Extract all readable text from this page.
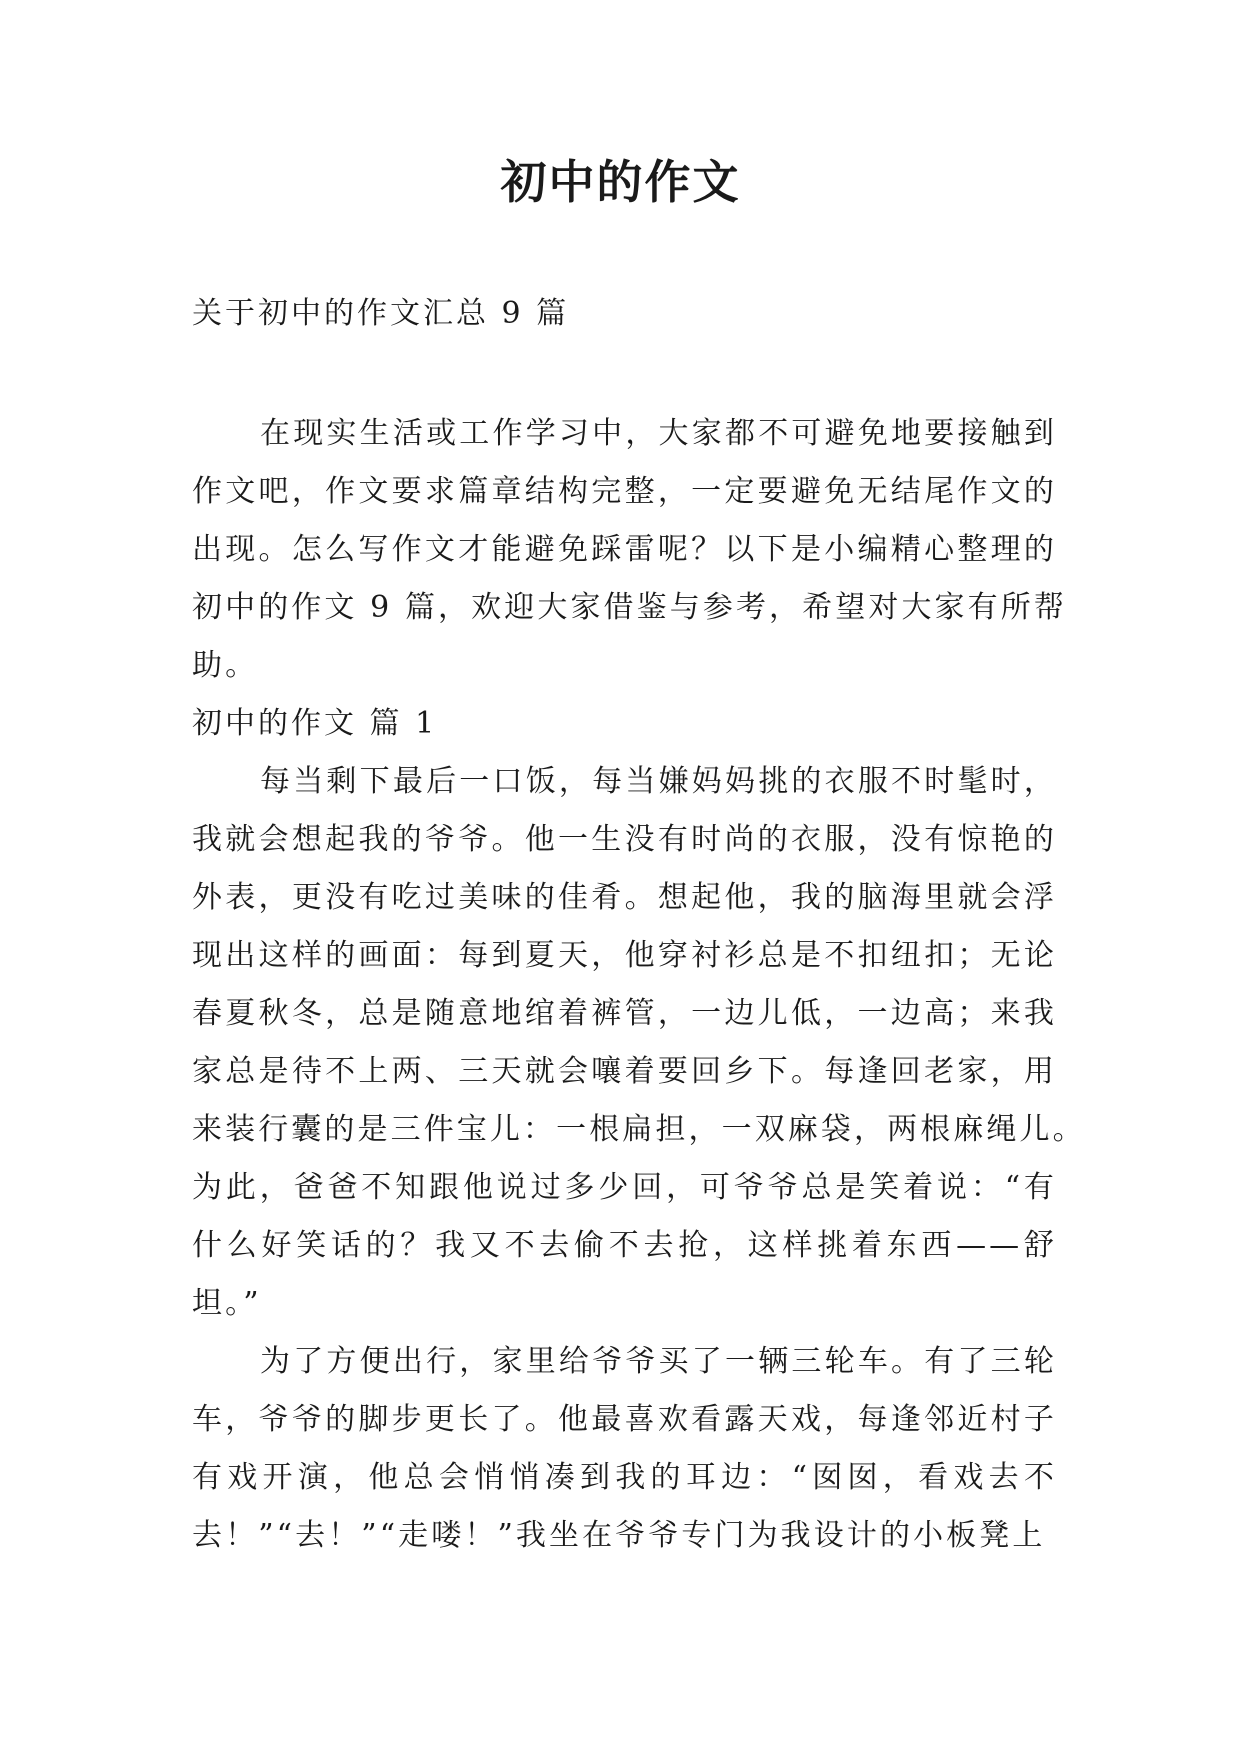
初中的作文

关于初中的作文汇总 9 篇

在现实生活或工作学习中，大家都不可避免地要接触到
作文吧，作文要求篇章结构完整，一定要避免无结尾作文的
出现。怎么写作文才能避免踩雷呢？以下是小编精心整理的
初中的作文 9 篇，欢迎大家借鉴与参考，希望对大家有所帮
助。
初中的作文 篇 1
每当剩下最后一口饭，每当嫌妈妈挑的衣服不时髦时，
我就会想起我的爷爷。他一生没有时尚的衣服，没有惊艳的
外表，更没有吃过美味的佳肴。想起他，我的脑海里就会浮
现出这样的画面：每到夏天，他穿衬衫总是不扣纽扣；无论
春夏秋冬，总是随意地绾着裤管，一边儿低，一边高；来我
家总是待不上两、三天就会嚷着要回乡下。每逢回老家，用
来装行囊的是三件宝儿：一根扁担，一双麻袋，两根麻绳儿。
为此，爸爸不知跟他说过多少回，可爷爷总是笑着说：“有
什么好笑话的？我又不去偷不去抢，这样挑着东西——舒
坦。”
为了方便出行，家里给爷爷买了一辆三轮车。有了三轮
车，爷爷的脚步更长了。他最喜欢看露天戏，每逢邻近村子
有戏开演，他总会悄悄凑到我的耳边：“囡囡，看戏去不
去！”“去！”“走喽！”我坐在爷爷专门为我设计的小板凳上
